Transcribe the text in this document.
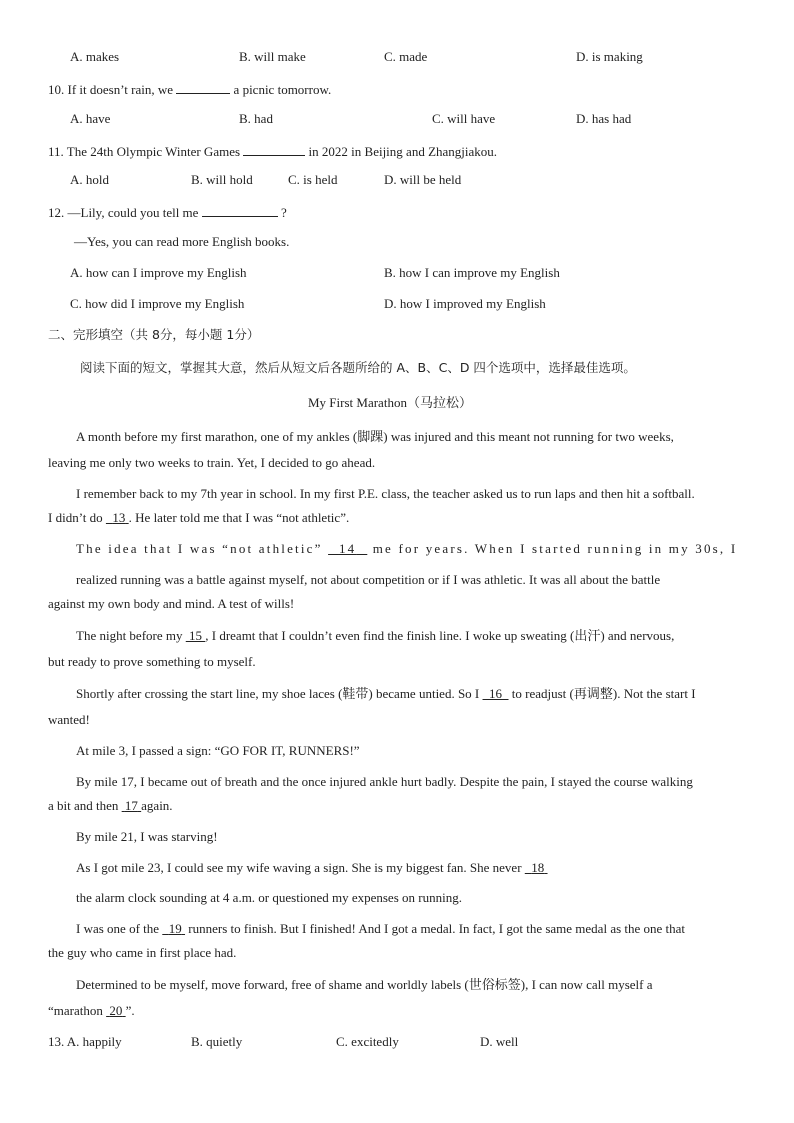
A. makes	B. will make	C. made	D. is making
10. If it doesn’t rain, we	a picnic tomorrow.
A. have	B. had	C. will have	D. has had
11. The 24th Olympic Winter Games	in 2022 in Beijing and Zhangjiakou.
A. hold	B. will hold	C. is held	D. will be held
12. —Lily, could you tell me	?
—Yes, you can read more English books.
A. how can I improve my English	B. how I can improve my English
C. how did I improve my English	D. how I improved my English
二、完形填空（共 8分，每小题 1分）
阅读下面的短文，掌握其大意，然后从短文后各题所给的 A、B、C、D 四个选项中，选择最佳选项。
My First Marathon（马拉松）
A month before my first marathon, one of my ankles (脚踝) was injured and this meant not running for two weeks,
leaving me only two weeks to train. Yet, I decided to go ahead.
I remember back to my 7th year in school. In my first P.E. class, the teacher asked us to run laps and then hit a softball.
I didn’t do 13 . He later told me that I was “not athletic”.
The idea that I was “not athletic” 14 me for years. When I started running in my 30s, I
realized running was a battle against myself, not about competition or if I was athletic. It was all about the battle
against my own body and mind. A test of wills!
The night before my 15 , I dreamt that I couldn’t even find the finish line. I woke up sweating (出汗) and nervous,
but ready to prove something to myself.
Shortly after crossing the start line, my shoe laces (鞋带) became untied. So I 16 to readjust (再调整). Not the start I
wanted!
At mile 3, I passed a sign: “GO FOR IT, RUNNERS!”
By mile 17, I became out of breath and the once injured ankle hurt badly. Despite the pain, I stayed the course walking
a bit and then 17 again.
By mile 21, I was starving!
As I got mile 23, I could see my wife waving a sign. She is my biggest fan. She never 18
the alarm clock sounding at 4 a.m. or questioned my expenses on running.
I was one of the 19 runners to finish. But I finished! And I got a medal. In fact, I got the same medal as the one that
the guy who came in first place had.
Determined to be myself, move forward, free of shame and worldly labels (世俗标签), I can now call myself a
“marathon 20 ”.
13. A. happily	B. quietly	C. excitedly	D. well
